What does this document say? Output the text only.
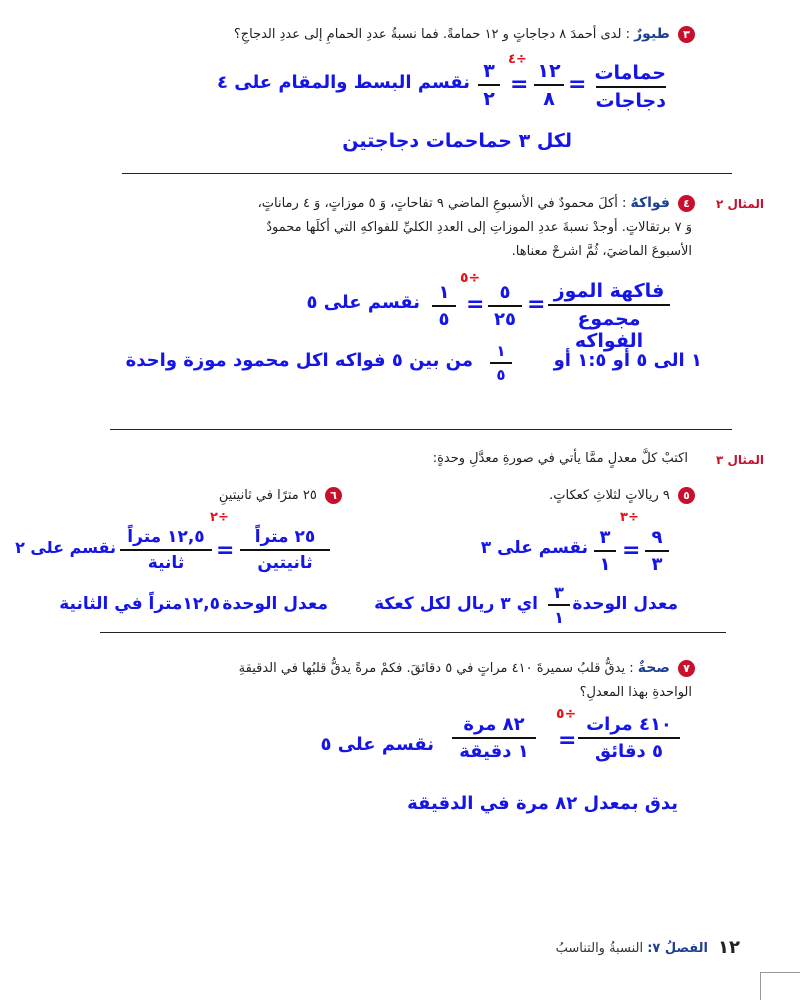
٣ طيورٌ : لدى أحمدَ ٨ دجاجاتٍ و ١٢ حمامةً. فما نسبةُ عددِ الحمامِ إلى عددِ الدجاجِ؟
حمامات
دجاجات
=
١٢
٨
÷٤
=
٣
٢
نقسم البسط والمقام على ٤
لكل ٣ حماحمات دجاجتين
المثال ٢
٤ فواكهُ : أكلَ محمودٌ في الأسبوعِ الماضي ٩ تفاحاتٍ، وَ ٥ موزاتٍ، وَ ٤ رماناتٍ،
وَ ٧ برتقالاتٍ. أوجدْ نسبةَ عددِ الموزاتِ إلى العددِ الكليِّ للفواكهِ التي أكلَها محمودٌ
الأسبوعَ الماضيَ، ثُمَّ اشرحْ معناها.
فاكهة الموز
مجموع الفواكه
=
٥
٢٥
÷٥
=
١
٥
نقسم على ٥
١ الى ٥ أو ١:٥ أو
١
٥
من بين ٥ فواكه اكل محمود موزة واحدة
المثال ٣
اكتبْ كلَّ معدلٍ ممَّا يأتي في صورةِ معدَّلِ وحدةٍ:
٥ ٩ ريالاتٍ لثلاثِ كعكاتٍ.
٩
٣
÷٣
=
٣
١
نقسم على ٣
معدل الوحدة
٣
١
اي ٣ ريال لكل كعكة
٦ ٢٥ مترًا في ثانيتينِ
٢٥ متراً
ثانيتين
÷٢
=
١٢,٥ متراً
ثانية
نقسم على ٢
معدل الوحدة
١٢,٥متراً في الثانية
٧ صحةٌ : يدقُّ قلبُ سميرةَ ٤١٠ مراتٍ في ٥ دقائقَ. فكمْ مرةً يدقُّ قلبُها في الدقيقةِ
الواحدةِ بهذا المعدلِ؟
٤١٠ مرات
٥ دقائق
÷٥
=
٨٢ مرة
١ دقيقة
نقسم على ٥
يدق بمعدل ٨٢ مرة في الدقيقة
١٢
الفصلُ ٧: النسبةُ والتناسبُ
